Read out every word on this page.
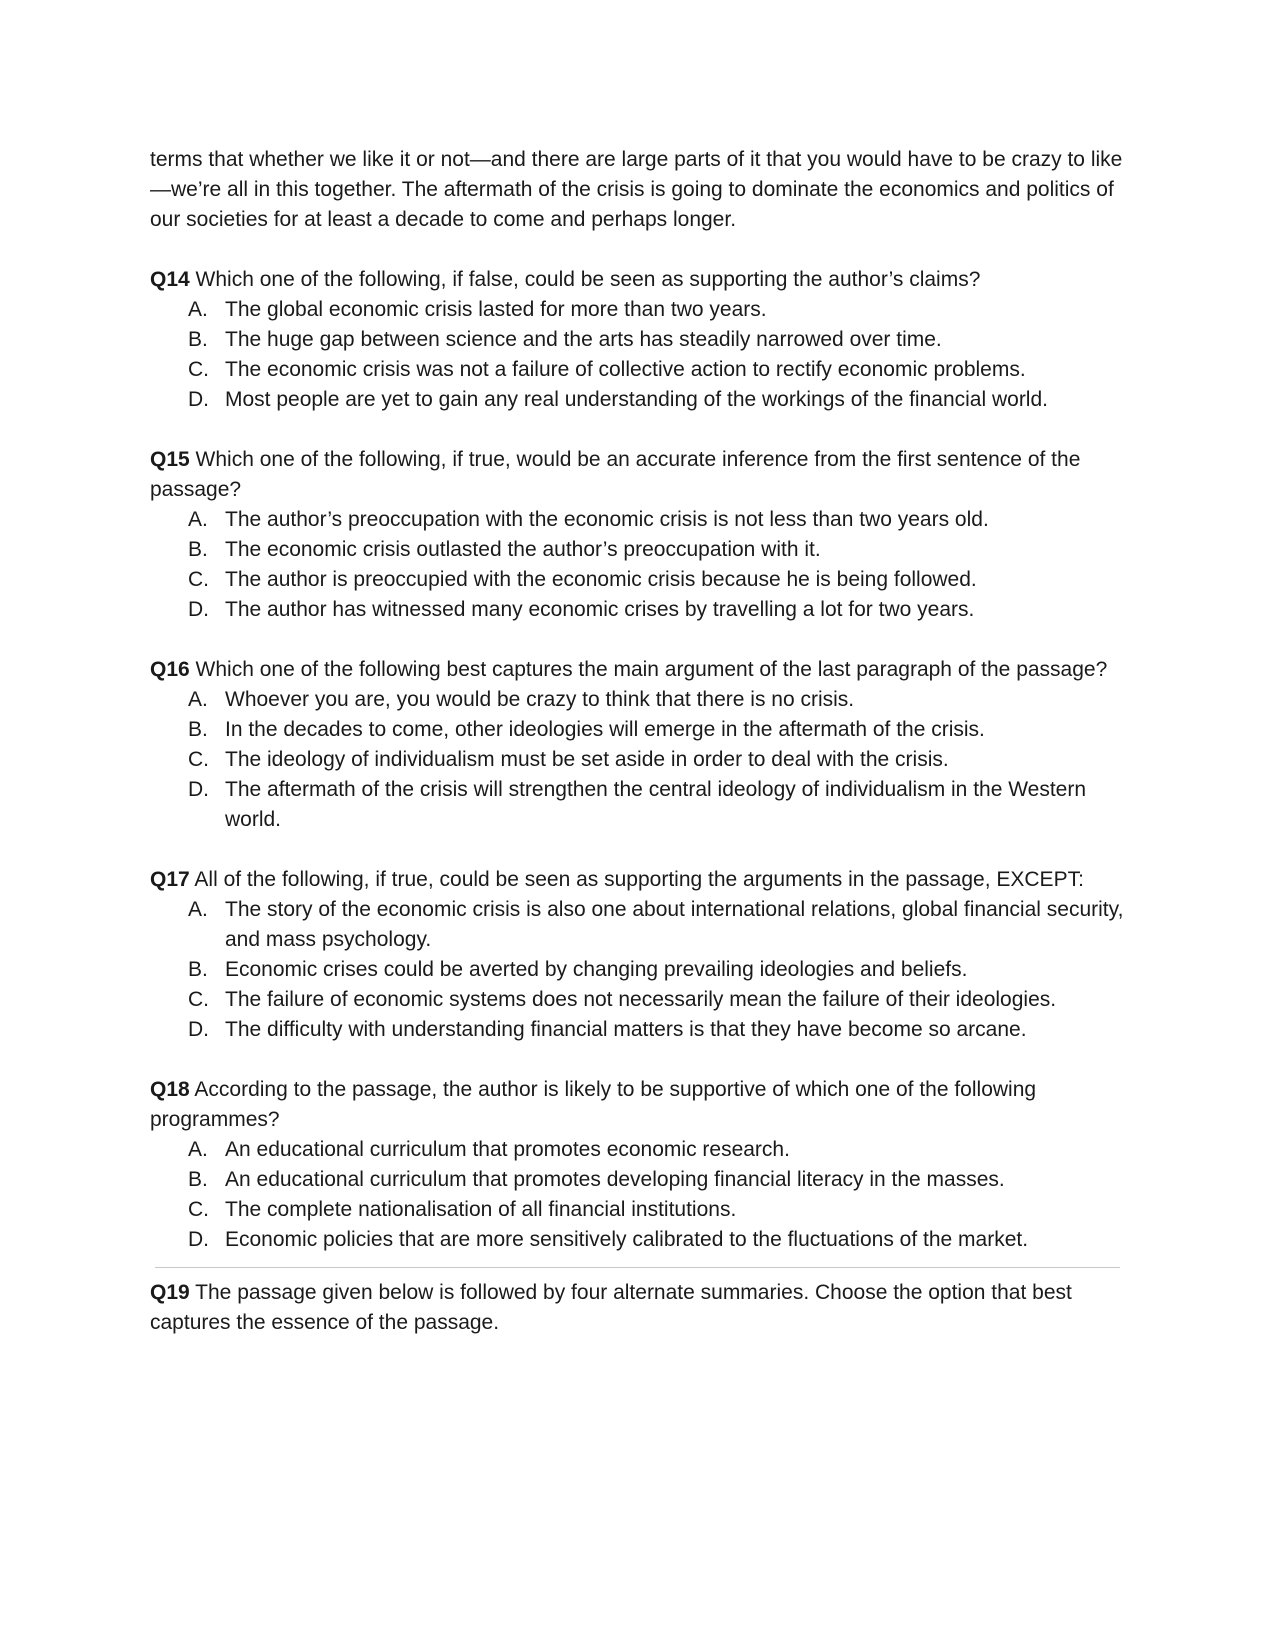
terms that whether we like it or not—and there are large parts of it that you would have to be crazy to like—we’re all in this together. The aftermath of the crisis is going to dominate the economics and politics of our societies for at least a decade to come and perhaps longer.

Q14 Which one of the following, if false, could be seen as supporting the author’s claims?

A. The global economic crisis lasted for more than two years.
B. The huge gap between science and the arts has steadily narrowed over time.
C. The economic crisis was not a failure of collective action to rectify economic problems.
D. Most people are yet to gain any real understanding of the workings of the financial world.

Q15 Which one of the following, if true, would be an accurate inference from the first sentence of the passage?

A. The author’s preoccupation with the economic crisis is not less than two years old.
B. The economic crisis outlasted the author’s preoccupation with it.
C. The author is preoccupied with the economic crisis because he is being followed.
D. The author has witnessed many economic crises by travelling a lot for two years.

Q16 Which one of the following best captures the main argument of the last paragraph of the passage?

A. Whoever you are, you would be crazy to think that there is no crisis.
B. In the decades to come, other ideologies will emerge in the aftermath of the crisis.
C. The ideology of individualism must be set aside in order to deal with the crisis.
D. The aftermath of the crisis will strengthen the central ideology of individualism in the Western world.

Q17 All of the following, if true, could be seen as supporting the arguments in the passage, EXCEPT:

A. The story of the economic crisis is also one about international relations, global financial security, and mass psychology.
B. Economic crises could be averted by changing prevailing ideologies and beliefs.
C. The failure of economic systems does not necessarily mean the failure of their ideologies.
D. The difficulty with understanding financial matters is that they have become so arcane.

Q18 According to the passage, the author is likely to be supportive of which one of the following programmes?

A. An educational curriculum that promotes economic research.
B. An educational curriculum that promotes developing financial literacy in the masses.
C. The complete nationalisation of all financial institutions.
D. Economic policies that are more sensitively calibrated to the fluctuations of the market.

Q19 The passage given below is followed by four alternate summaries. Choose the option that best captures the essence of the passage.
